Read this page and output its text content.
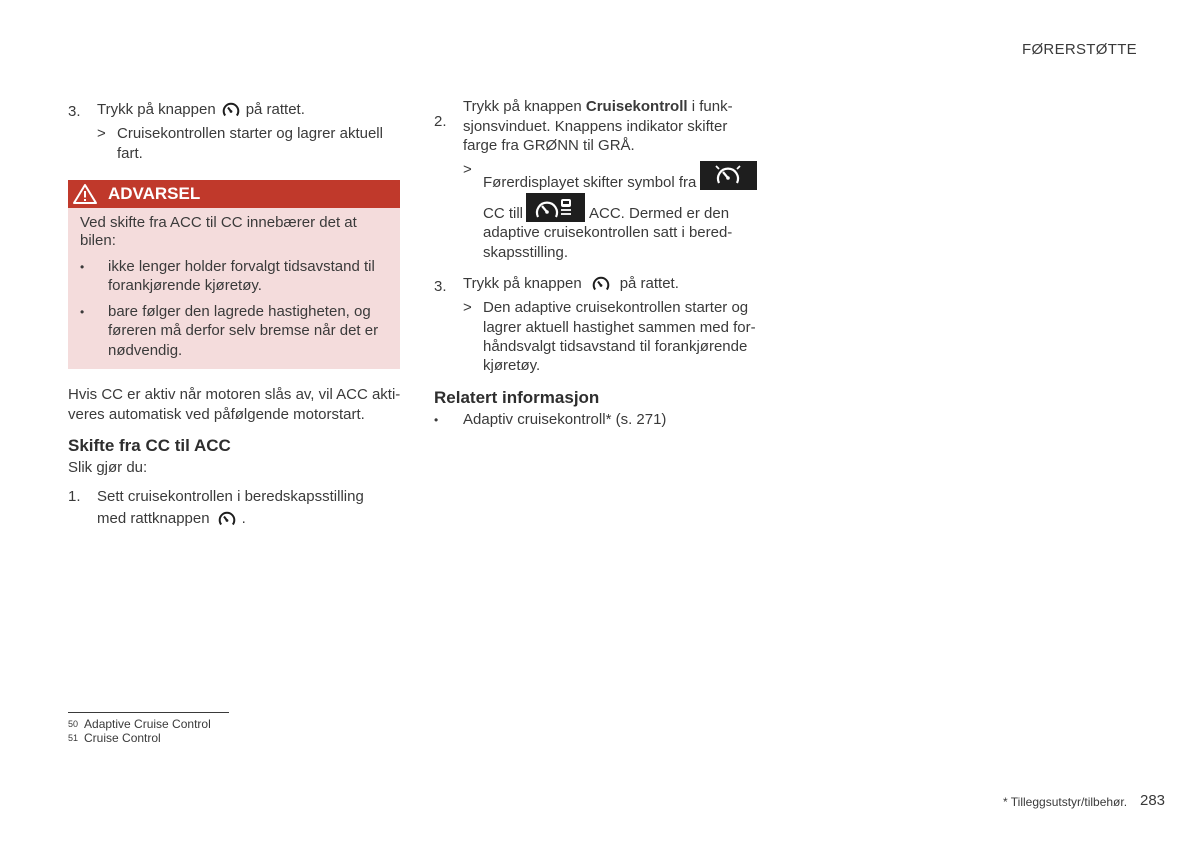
FØRERSTØTTE
3. Trykk på knappen på rattet.
> Cruisekontrollen starter og lagrer aktuell
fart.
ADVARSEL
Ved skifte fra ACC til CC innebærer det at
bilen:
• ikke lenger holder forvalgt tidsavstand til
forankjørende kjøretøy.
• bare følger den lagrede hastigheten, og
føreren må derfor selv bremse når det er
nødvendig.
Hvis CC er aktiv når motoren slås av, vil ACC akti-
veres automatisk ved påfølgende motorstart.
Skifte fra CC til ACC
Slik gjør du:
1. Sett cruisekontrollen i beredskapsstilling
med rattknappen .
2.
Trykk på knappen Cruisekontroll i funk-
sjonsvinduet. Knappens indikator skifter
farge fra GRØNN til GRÅ.
>
Førerdisplayet skifter symbol fra
CC till	ACC. Dermed er den
adaptive cruisekontrollen satt i bered-
skapsstilling.
3. Trykk på knappen	på rattet.
> Den adaptive cruisekontrollen starter og
lagrer aktuell hastighet sammen med for-
håndsvalgt tidsavstand til forankjørende
kjøretøy.
Relatert informasjon
• Adaptiv cruisekontroll* (s. 271)
$^{50}$ Adaptive Cruise Control
$^{51}$ Cruise Control
* Tilleggsutstyr/tilbehør. 283
